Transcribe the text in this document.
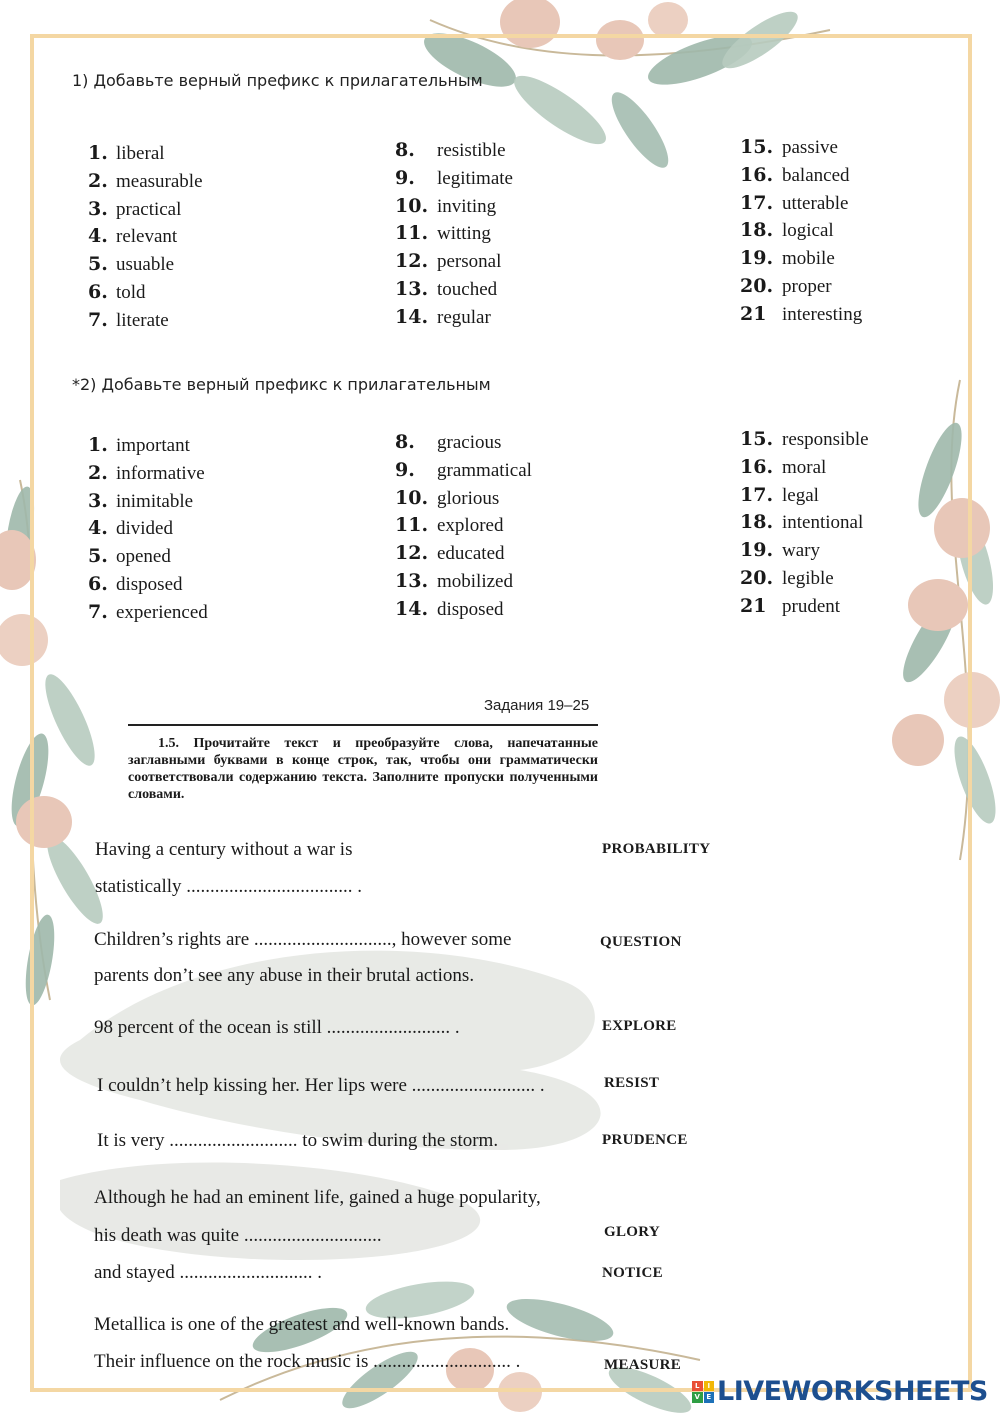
1) Добавьте верный префикс к прилагательным
1. liberal
2. measurable
3. practical
4. relevant
5. usuable
6. told
7. literate
8. resistible
9. legitimate
10. inviting
11. witting
12. personal
13. touched
14. regular
15. passive
16. balanced
17. utterable
18. logical
19. mobile
20. proper
21 interesting
*2) Добавьте верный префикс к прилагательным
1. important
2. informative
3. inimitable
4. divided
5. opened
6. disposed
7. experienced
8. gracious
9. grammatical
10. glorious
11. explored
12. educated
13. mobilized
14. disposed
15. responsible
16. moral
17. legal
18. intentional
19. wary
20. legible
21 prudent
Задания 19–25
1.5. Прочитайте текст и преобразуйте слова, напечатанные заглавными буквами в конце строк, так, чтобы они грамматически соответствовали содержанию текста. Заполните пропуски полученными словами.
Having a century without a war is
statistically ................................... .
Children’s rights are ............................., however some
parents don’t see any abuse in their brutal actions.
98 percent of the ocean is still .......................... .
I couldn’t help kissing her. Her lips were .......................... .
It is very ........................... to swim during the storm.
Although he had an eminent life, gained a huge popularity,
his death was quite .............................
and stayed ............................ .
Metallica is one of the greatest and well-known bands.
Their influence on the rock music is ............................. .
PROBABILITY
QUESTION
EXPLORE
RESIST
PRUDENCE
GLORY
NOTICE
MEASURE
L	I
V E LIVEWORKSHEETS
